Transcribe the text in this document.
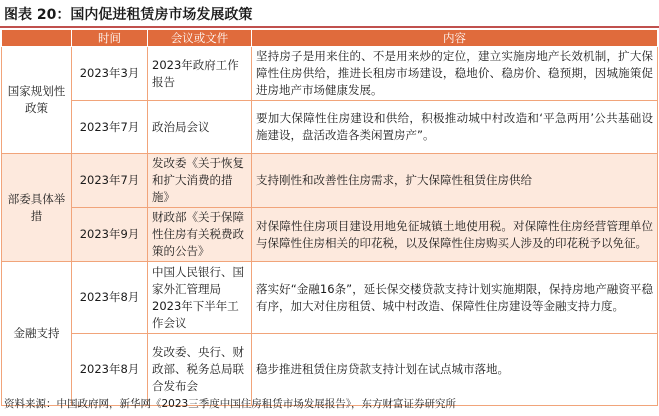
图表 20：国内促进租赁房市场发展政策
	时间	会议或文件	内容
国家规划性政策	2023年3月	2023年政府工作报告	坚持房子是用来住的、不是用来炒的定位，建立实施房地产长效机制，扩大保障性住房供给，推进长租房市场建设，稳地价、稳房价、稳预期，因城施策促进房地产市场健康发展。
	2023年7月	政治局会议	要加大保障性住房建设和供给，积极推动城中村改造和‘平急两用’公共基础设施建设，盘活改造各类闲置房产”。
部委具体举措	2023年7月	发改委《关于恢复和扩大消费的措施》	支持刚性和改善性住房需求，扩大保障性租赁住房供给
	2023年9月	财政部《关于保障性住房有关税费政策的公告》	对保障性住房项目建设用地免征城镇土地使用税。对保障性住房经营管理单位与保障性住房相关的印花税，以及保障性住房购买人涉及的印花税予以免征。
金融支持	2023年8月	中国人民银行、国家外汇管理局2023年下半年工作会议	落实好“金融16条”，延长保交楼贷款支持计划实施期限，保持房地产融资平稳有序，加大对住房租赁、城中村改造、保障性住房建设等金融支持力度。
	2023年8月	发改委、央行、财政部、税务总局联合发布会	稳步推进租赁住房贷款支持计划在试点城市落地。
资料来源：中国政府网，新华网《2023三季度中国住房租赁市场发展报告》，东方财富证券研究所
